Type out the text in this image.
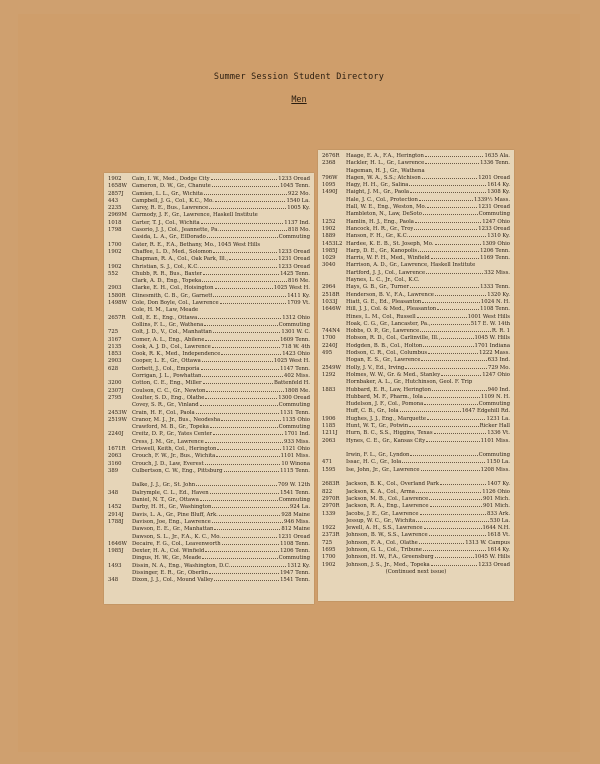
Summer Session Student Directory
Men
1902	Cain, I. W., Med., Dodge City	1233 Oread
1658W Cameron, D. W., Gr., Chanute	1045 Tenn.
2857J	Camien, L. L., Gr., Wichita	922 Mo.
443	Campbell, J. G., Col., K.C., Mo.	1540 La.
2235	Carey, R. E., Bus., Lawrence	1005 Ky.
2969M Carmody, J. F., Gr., Lawrence, Haskell Institute
1018	Carter, T. J., Col., Wichita	1137 Ind.
1798	Casorio, J. J., Col., Jeannette, Pa.	818 Mo.
Casida, L. A., Gr., ElDorado	Commuting
1700	Cater, R. E., F.A., Bethany, Mo., 1045 West Hills
1902	Chaffee, L. D., Med., Solomon	1233 Oread
Chapman, R. A., Col., Oak Park, Ill.,	1231 Oread
1902	Christian, S. J., Col., K.C.	1233 Oread
552	Chubb, R. R., Bus., Baxter	1425 Tenn.
Clark, A. D., Eng., Topeka	816 Me.
2903	Clarke, E. H., Col., Hoisington	1025 West H.
1580R	Clinesmith, C. B., Gr., Garnett	1411 Ky.
1498W Cole, Don Boyle, Col., Lawrence	1709 Vt.
Cole, H. M., Law, Meade
2657R	Coll, E. E., Eng., Ottawa	1312 Ohio
Collins, F. L., Gr., Wathena	Commuting
725	Colt, J. D., V., Col., Manhattan	1301 W. C.
3167	Comer, A. L., Eng., Abilene	1609 Tenn.
2135	Cook, A. J. D., Col., Lawrence	718 W. 4th
1853	Cook, R. K., Med., Independence	1423 Ohio
2903	Cooper, L. E., Gr., Ottawa	1025 West H.
628	Corbett, J., Col., Emporia	1147 Tenn.
Corrigan, J. L., Powhattan	402 Miss.
3200	Cotton, C. E., Eng., Miller	Battenfeld H.
2307J	Coulson, C. C., Gr., Newton	1808 Me.
2795	Coulter, S. D., Eng., Olathe	1300 Oread
Covey, S. R., Gr., Vinland	Commuting
2453W Crain, H. F., Col., Paola	1131 Tenn.
2519W Cranor, M. J., Jr., Bus., Neodesha	1135 Ohio
Crawford, M. B., Gr., Topeka	Commuting
2240J	Creitz, D. P., Gr., Yates Center	1701 Ind.
Cress, J. M., Gr., Lawrence	933 Miss.
1671R	Criswell, Keith, Col., Herington	1121 Ohio
2063	Crouch, F. W., Jr., Bus., Wichita	1101 Miss.
3160	Crouch, J. D., Law, Everest	10 Winona
389	Culbertson, C. W., Eng., Pittsburg	1115 Tenn.
Dalke, J. J., Gr., St. John	709 W. 12th
348	Dalrymple, C. L., Ed., Haven	1541 Tenn.
Daniel, N. T., Gr., Ottawa	Commuting
1452	Darby, H. H., Gr., Washington	924 La.
2914J	Davis, L. A., Gr., Pine Bluff, Ark.	928 Maine
1788J	Davison, Joe, Eng., Lawrence	946 Miss.
Dawson, E. E., Gr., Manhattan	812 Maine
Dawson, S. L., Jr., F.A., K. C., Mo.	1231 Oread
1646W Decaire, F. G., Col., Leavenworth	1108 Tenn.
1985J	Dexter, H. A., Col. Winfield	1206 Tenn.
Dingus, H. W., Gr., Meade	Commuting
1493	Dissin, N. A., Eng., Washington, D.C.	1312 Ky.
Dissinger, E. R., Gr., Oberlin	1947 Tenn.
348	Dixon, J. J., Col., Mound Valley	1541 Tenn.
2676R	Haage, E. A., F.A., Herington	1635 Ala.
2368	Hackler, H. L., Gr., Lawrence	1336 Tenn.
Hageman, H. J., Gr., Wathena
796W	Hagen, W. A., S.S.; Atchison	1201 Oread
1095	Hagy, H. H., Gr., Salina	1614 Ky.
1490J	Haight, J. M., Gr., Paola	1308 Ky.
Hale, J. C., Col., Protection	1339½ Mass.
Hall, W. E., Eng., Weston, Mo.	1231 Oread
Hambleton, N., Law, DeSoto	Commuting
1252	Hamlin, H. J., Eng., Paola	1247 Ohio
1902	Hancock, H. R., Gr., Troy	1233 Oread
1889	Hanson, F. H., Gr., K.C.	1310 Ky.
1453L2 Hardee, K. E. B., St. Joseph, Mo.	1309 Ohio
1985J	Harp, D. E., Gr., Kanopolis	1206 Tenn.
1029	Harris, W. F. H., Med., Winfield	1169 Tenn.
3040	Harrison, A. D., Gr., Lawrence, Haskell Institute
Hartford, J. J., Col., Lawrence	332 Miss.
Haynes, L. C., Jr., Col., K.C.
2964	Hays, G. B., Gr., Turner	1333 Tenn.
2518R	Henderson, B. V., F.A., Lawrence	1320 Ky.
1033J	Hiatt, G. E., Ed., Pleasanton	1024 N. H.
1646W Hill, J. J., Col. & Med., Pleasanton	1108 Tenn.
Hines, L. M., Col., Russell	1001 West Hills
Hoak, C. G., Gr., Lancaster, Pa.,	517 E. W. 14th
744N4	Hobbs, O. P., Gr., Lawrence	R. R. 1
1700	Hobson, R. D., Col., Carlinville, Ill.,	1045 W. Hills
2240J	Hodgden, B. B., Col., Holton	1701 Indiana
495	Hodson, C. R., Col., Columbus	1222 Mass.
Hogan, E. S., Gr., Lawrence	633 Ind.
2549W Holly, J. V., Ed., Irving	729 Mo.
1292	Holmes, W. W., Gr. & Med., Stanley	1247 Ohio
Hornbaker, A. L., Gr., Hutchinson, Geol. F. Trip
1883	Hubbard, E. R., Law, Herington	940 Ind.
Hubbard, M. F., Pharm., Iola	1109 N. H.
Hudelson, J. F., Col., Pomona	Commuting
Huff, C. B., Gr., Iola	1647 Edgehill Rd.
1906	Hughes, J. J., Eng., Marquette	1231 La.
1185	Hunt, W. T., Gr., Potwin	Ricker Hall
1211J	Hurn, B. C., S.S., Higgins, Texas	1336 Vt.
2063	Hynes, C. E., Gr., Kansas City	1101 Miss.
Irwin, F. L., Gr., Lyndon	Commuting
471	Issac, H. C., Gr., Iola	1150 La.
1595	Ise, John, Jr., Gr., Lawrence	1208 Miss.
2683R	Jackson, B. K., Col., Overland Park	1407 Ky.
822	Jackson, K. A., Col., Arma	1126 Ohio
2970R	Jackson, M. B., Col., Lawrence	901 Mich.
2970R	Jackson, R. A., Eng., Lawrence	901 Mich.
1339	Jacobs, J. E., Gr., Lawrence	833 Ark.
Jessup, W. C., Gr., Wichita	530 La.
1922	Jewell, A. H., S.S., Lawrence	1644 N.H.
2373R	Johnson, B. W., S.S., Lawrence	1618 Vt.
725	Johnson, F. A., Col., Olathe	1313 W. Campus
1695	Johnson, G. L., Col., Tribune	1614 Ky.
1700	Johnson, H. W., F.A., Greensburg	1045 W. Hills
1902	Johnson, J. S., Jr., Med., Topeka	1233 Oread
(Continued next issue)
